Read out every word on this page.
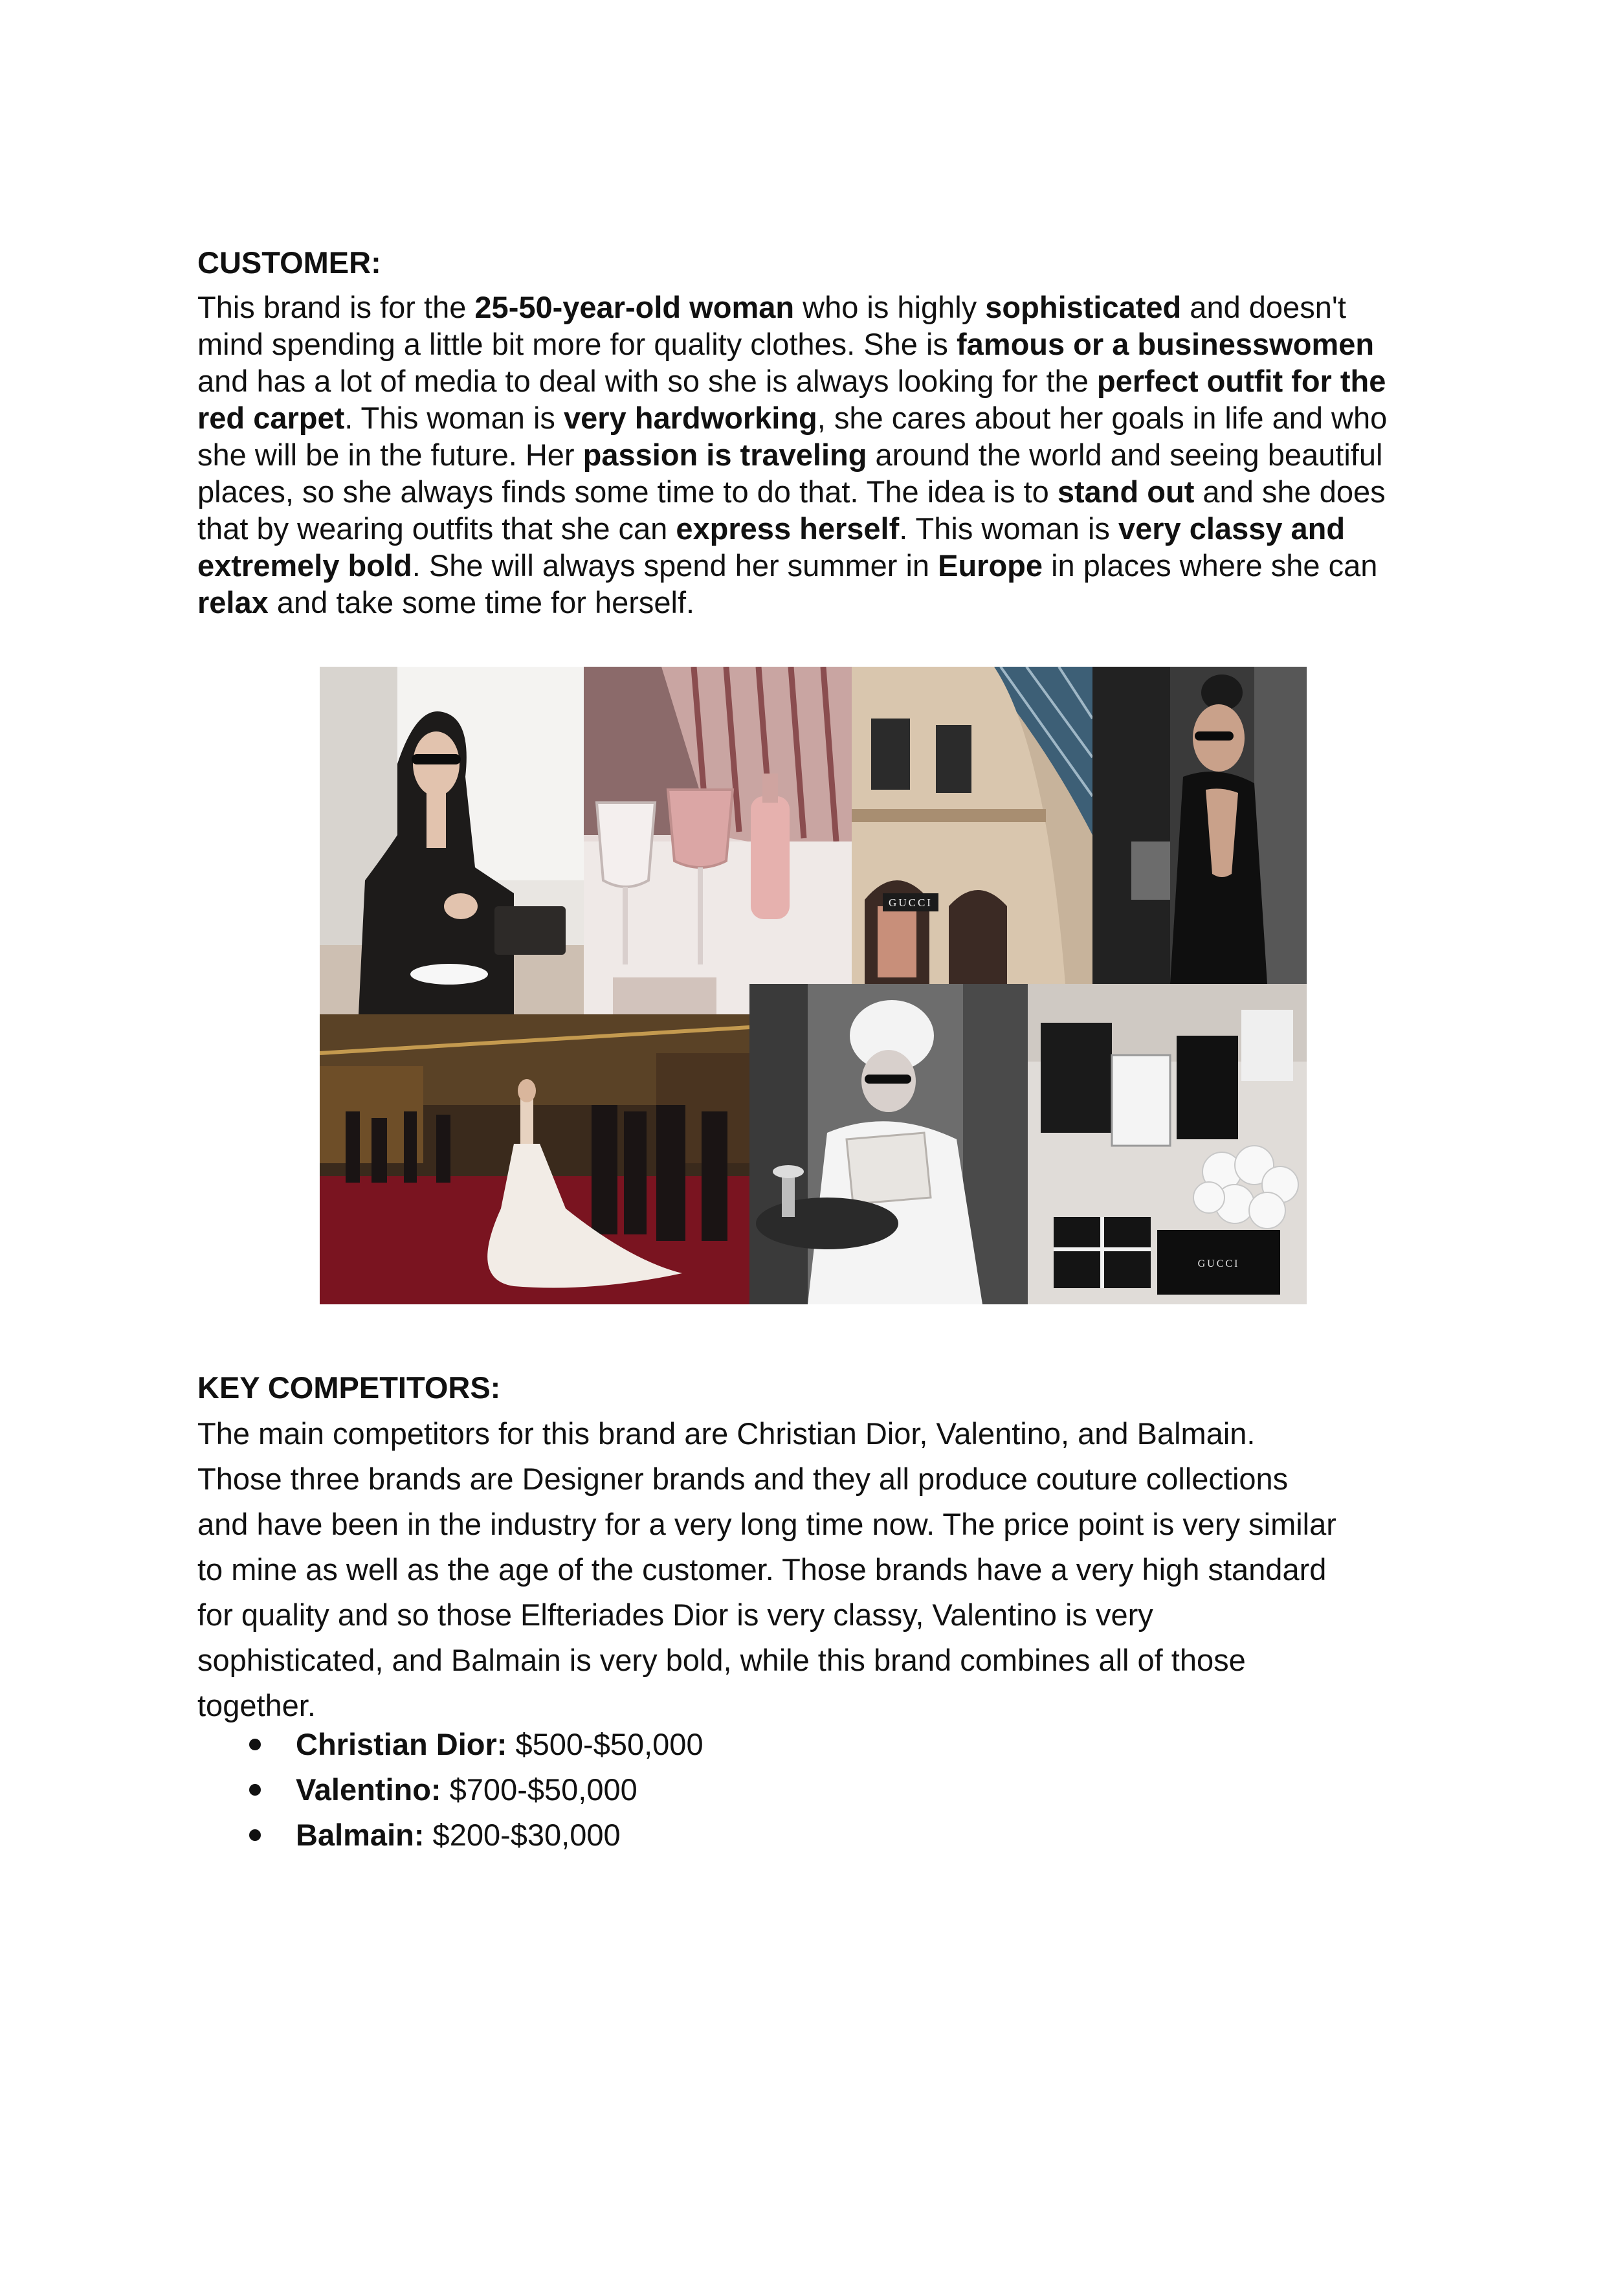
CUSTOMER:
This brand is for the 25-50-year-old woman who is highly sophisticated and doesn't
mind spending a little bit more for quality clothes. She is famous or a businesswomen
and has a lot of media to deal with so she is always looking for the perfect outfit for the
red carpet. This woman is very hardworking, she cares about her goals in life and who
she will be in the future. Her passion is traveling around the world and seeing beautiful
places, so she always finds some time to do that. The idea is to stand out and she does
that by wearing outfits that she can express herself. This woman is very classy and
extremely bold. She will always spend her summer in Europe in places where she can
relax and take some time for herself.
GUCCI
GUCCI
KEY COMPETITORS:
The main competitors for this brand are Christian Dior, Valentino, and Balmain.
Those three brands are Designer brands and they all produce couture collections
and have been in the industry for a very long time now. The price point is very similar
to mine as well as the age of the customer. Those brands have a very high standard
for quality and so those Elfteriades Dior is very classy, Valentino is very
sophisticated, and Balmain is very bold, while this brand combines all of those
together.
Christian Dior: $500-$50,000
Valentino: $700-$50,000
Balmain: $200-$30,000
